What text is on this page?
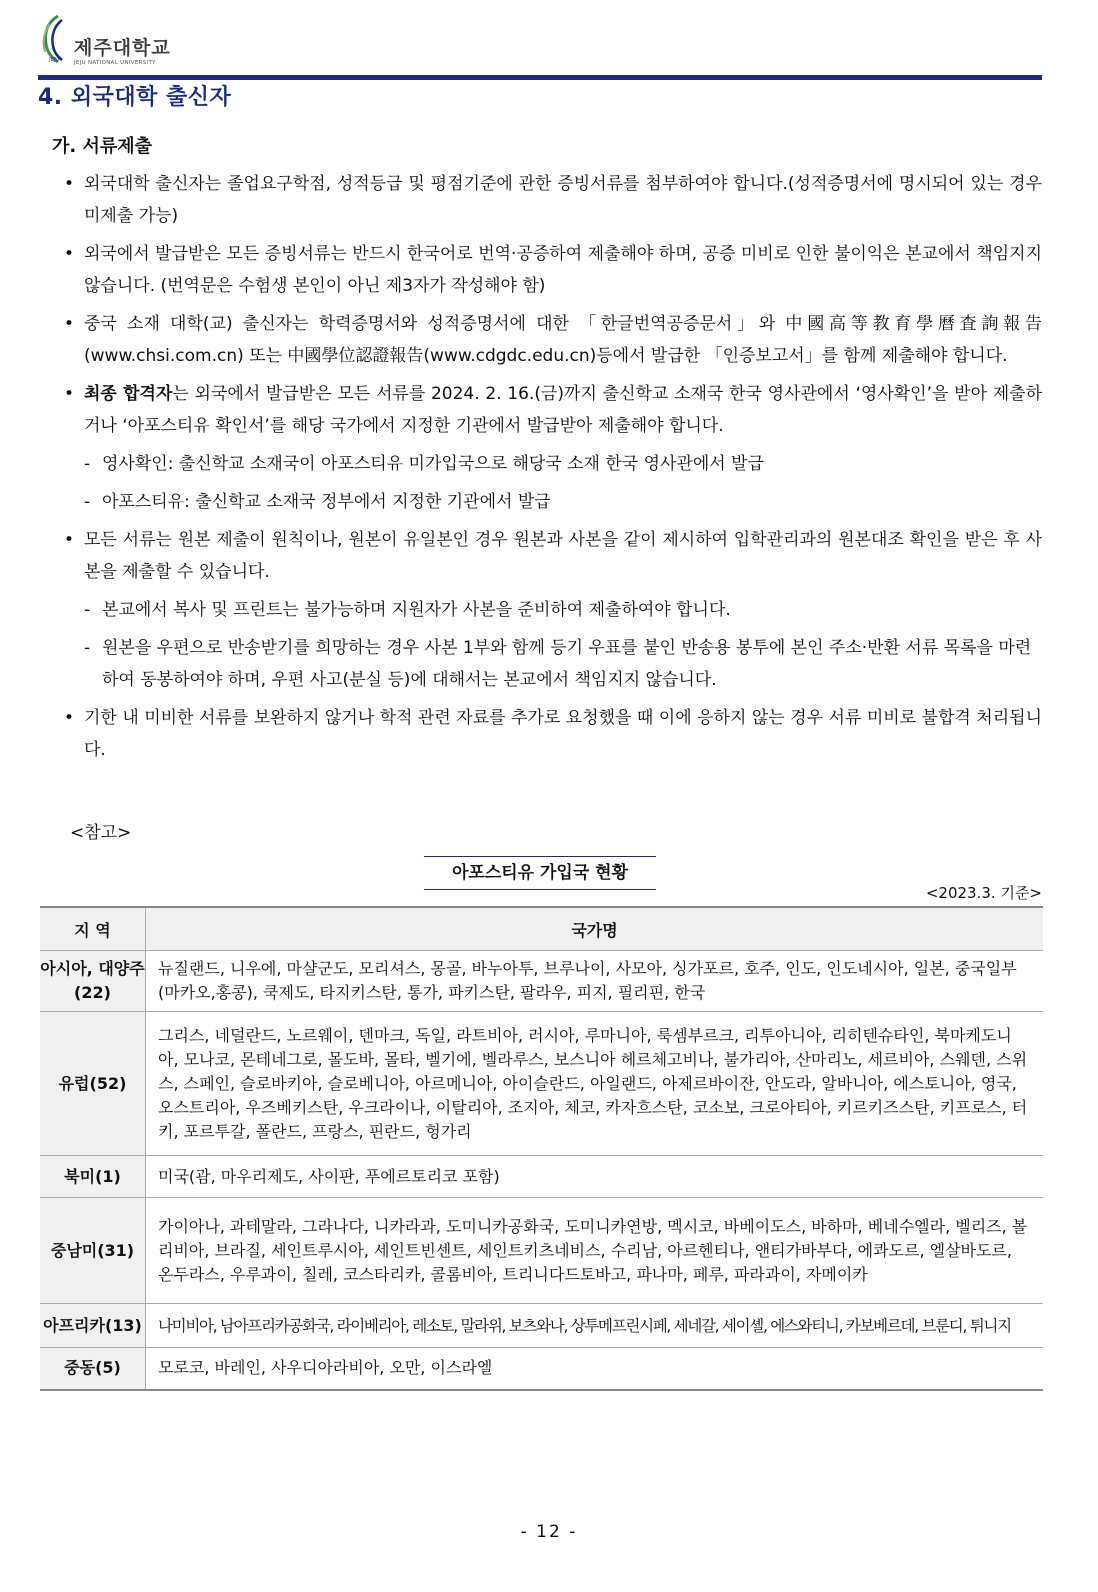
JEJU
제주대학교
JEJU NATIONAL UNIVERSITY
4. 외국대학 출신자
가. 서류제출
• 외국대학 출신자는 졸업요구학점, 성적등급 및 평점기준에 관한 증빙서류를 첨부하여야 합니다.(성적증명서에 명시되어 있는 경우 미제출 가능)
• 외국에서 발급받은 모든 증빙서류는 반드시 한국어로 번역·공증하여 제출해야 하며, 공증 미비로 인한 불이익은 본교에서 책임지지 않습니다. (번역문은 수험생 본인이 아닌 제3자가 작성해야 함)
• 중국 소재 대학(교) 출신자는 학력증명서와 성적증명서에 대한 「한글번역공증문서」와 中國高等教育學曆査詢報告(www.chsi.com.cn) 또는 中國學位認證報告(www.cdgdc.edu.cn)등에서 발급한 「인증보고서」를 함께 제출해야 합니다.
• 최종 합격자는 외국에서 발급받은 모든 서류를 2024. 2. 16.(금)까지 출신학교 소재국 한국 영사관에서 ‘영사확인’을 받아 제출하거나 ‘아포스티유 확인서’를 해당 국가에서 지정한 기관에서 발급받아 제출해야 합니다.
- 영사확인: 출신학교 소재국이 아포스티유 미가입국으로 해당국 소재 한국 영사관에서 발급
- 아포스티유: 출신학교 소재국 정부에서 지정한 기관에서 발급
• 모든 서류는 원본 제출이 원칙이나, 원본이 유일본인 경우 원본과 사본을 같이 제시하여 입학관리과의 원본대조 확인을 받은 후 사본을 제출할 수 있습니다.
- 본교에서 복사 및 프린트는 불가능하며 지원자가 사본을 준비하여 제출하여야 합니다.
- 원본을 우편으로 반송받기를 희망하는 경우 사본 1부와 함께 등기 우표를 붙인 반송용 봉투에 본인 주소·반환 서류 목록을 마련하여 동봉하여야 하며, 우편 사고(분실 등)에 대해서는 본교에서 책임지지 않습니다.
• 기한 내 미비한 서류를 보완하지 않거나 학적 관련 자료를 추가로 요청했을 때 이에 응하지 않는 경우 서류 미비로 불합격 처리됩니다.
<참고>
아포스티유 가입국 현황
<2023.3. 기준>
지 역	국가명
아시아, 대양주(22)	뉴질랜드, 니우에, 마샬군도, 모리셔스, 몽골, 바누아투, 브루나이, 사모아, 싱가포르, 호주, 인도, 인도네시아, 일본, 중국일부(마카오,홍콩), 쿡제도, 타지키스탄, 통가, 파키스탄, 팔라우, 피지, 필리핀, 한국
유럽(52)	그리스, 네덜란드, 노르웨이, 덴마크, 독일, 라트비아, 러시아, 루마니아, 룩셈부르크, 리투아니아, 리히텐슈타인, 북마케도니아, 모나코, 몬테네그로, 몰도바, 몰타, 벨기에, 벨라루스, 보스니아 헤르체고비나, 불가리아, 산마리노, 세르비아, 스웨덴, 스위스, 스페인, 슬로바키아, 슬로베니아, 아르메니아, 아이슬란드, 아일랜드, 아제르바이잔, 안도라, 알바니아, 에스토니아, 영국, 오스트리아, 우즈베키스탄, 우크라이나, 이탈리아, 조지아, 체코, 카자흐스탄, 코소보, 크로아티아, 키르키즈스탄, 키프로스, 터키, 포르투갈, 폴란드, 프랑스, 핀란드, 헝가리
북미(1)	미국(괌, 마우리제도, 사이판, 푸에르토리코 포함)
중남미(31)	가이아나, 과테말라, 그라나다, 니카라과, 도미니카공화국, 도미니카연방, 멕시코, 바베이도스, 바하마, 베네수엘라, 벨리즈, 볼리비아, 브라질, 세인트루시아, 세인트빈센트, 세인트키츠네비스, 수리남, 아르헨티나, 앤티가바부다, 에콰도르, 엘살바도르, 온두라스, 우루과이, 칠레, 코스타리카, 콜롬비아, 트리니다드토바고, 파나마, 페루, 파라과이, 자메이카
아프리카(13)	나미비아, 남아프리카공화국, 라이베리아, 레소토, 말라위, 보츠와나, 상투메프린시페, 세네갈, 세이셸, 에스와티니, 카보베르데, 브룬디, 튀니지
중동(5)	모로코, 바레인, 사우디아라비아, 오만, 이스라엘
- 12 -
